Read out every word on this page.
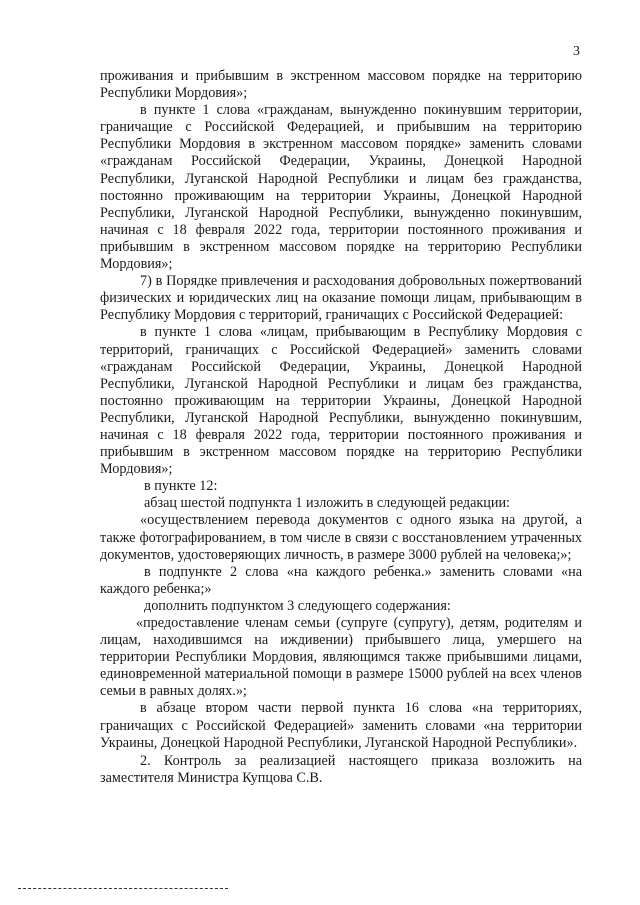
3

проживания и прибывшим в экстренном массовом порядке на территорию Республики Мордовия»;

в пункте 1 слова «гражданам, вынужденно покинувшим территории, граничащие с Российской Федерацией, и прибывшим на территорию Республики Мордовия в экстренном массовом порядке» заменить словами «гражданам Российской Федерации, Украины, Донецкой Народной Республики, Луганской Народной Республики и лицам без гражданства, постоянно проживающим на территории Украины, Донецкой Народной Республики, Луганской Народной Республики, вынужденно покинувшим, начиная с 18 февраля 2022 года, территории постоянного проживания и прибывшим в экстренном массовом порядке на территорию Республики Мордовия»;

7) в Порядке привлечения и расходования добровольных пожертвований физических и юридических лиц на оказание помощи лицам, прибывающим в Республику Мордовия с территорий, граничащих с Российской Федерацией:

в пункте 1 слова «лицам, прибывающим в Республику Мордовия с территорий, граничащих с Российской Федерацией» заменить словами «гражданам Российской Федерации, Украины, Донецкой Народной Республики, Луганской Народной Республики и лицам без гражданства, постоянно проживающим на территории Украины, Донецкой Народной Республики, Луганской Народной Республики, вынужденно покинувшим, начиная с 18 февраля 2022 года, территории постоянного проживания и прибывшим в экстренном массовом порядке на территорию Республики Мордовия»;

в пункте 12:

абзац шестой подпункта 1 изложить в следующей редакции:

«осуществлением перевода документов с одного языка на другой, а также фотографированием, в том числе в связи с восстановлением утраченных документов, удостоверяющих личность, в размере 3000 рублей на человека;»;

в подпункте 2 слова «на каждого ребенка.» заменить словами «на каждого ребенка;»

дополнить подпунктом 3 следующего содержания:

«предоставление членам семьи (супруге (супругу), детям, родителям и лицам, находившимся на иждивении) прибывшего лица, умершего на территории Республики Мордовия, являющимся также прибывшими лицами, единовременной материальной помощи в размере 15000 рублей на всех членов семьи в равных долях.»;

в абзаце втором части первой пункта 16 слова «на территориях, граничащих с Российской Федерацией» заменить словами «на территории Украины, Донецкой Народной Республики, Луганской Народной Республики».

2. Контроль за реализацией настоящего приказа возложить на заместителя Министра Купцова С.В.
